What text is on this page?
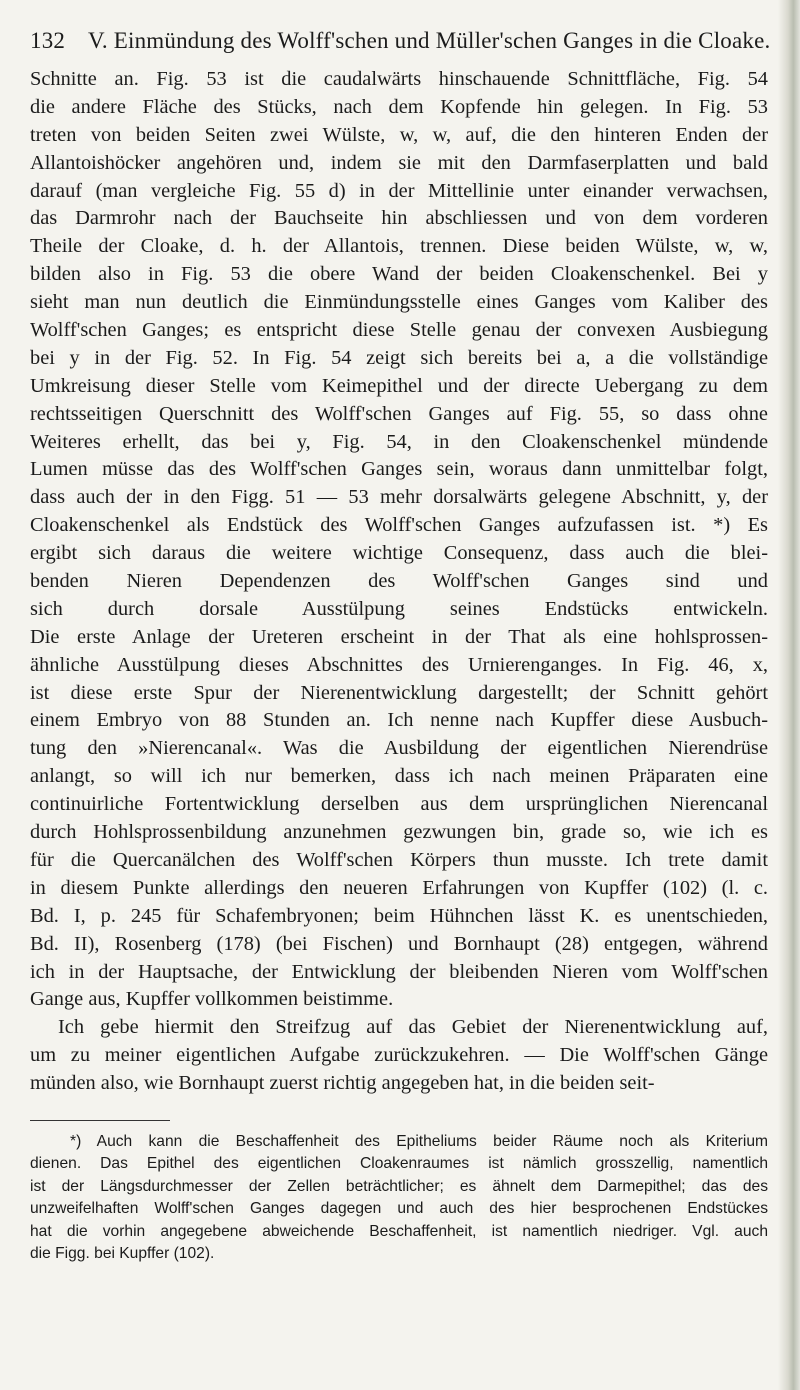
132 V. Einmündung des Wolff'schen und Müller'schen Ganges in die Cloake.
Schnitte an. Fig. 53 ist die caudalwärts hinschauende Schnittfläche, Fig. 54
die andere Fläche des Stücks, nach dem Kopfende hin gelegen. In Fig. 53
treten von beiden Seiten zwei Wülste, w, w, auf, die den hinteren Enden der
Allantoishöcker angehören und, indem sie mit den Darmfaserplatten und bald
darauf (man vergleiche Fig. 55 d) in der Mittellinie unter einander verwachsen,
das Darmrohr nach der Bauchseite hin abschliessen und von dem vorderen
Theile der Cloake, d. h. der Allantois, trennen. Diese beiden Wülste, w, w,
bilden also in Fig. 53 die obere Wand der beiden Cloakenschenkel. Bei y
sieht man nun deutlich die Einmündungsstelle eines Ganges vom Kaliber des
Wolff'schen Ganges; es entspricht diese Stelle genau der convexen Ausbiegung
bei y in der Fig. 52. In Fig. 54 zeigt sich bereits bei a, a die vollständige
Umkreisung dieser Stelle vom Keimepithel und der directe Uebergang zu dem
rechtsseitigen Querschnitt des Wolff'schen Ganges auf Fig. 55, so dass ohne
Weiteres erhellt, das bei y, Fig. 54, in den Cloakenschenkel mündende
Lumen müsse das des Wolff'schen Ganges sein, woraus dann unmittelbar folgt,
dass auch der in den Figg. 51 — 53 mehr dorsalwärts gelegene Abschnitt, y, der
Cloakenschenkel als Endstück des Wolff'schen Ganges aufzufassen ist. *) Es
ergibt sich daraus die weitere wichtige Consequenz, dass auch die blei-
benden Nieren Dependenzen des Wolff'schen Ganges sind und
sich durch dorsale Ausstülpung seines Endstücks entwickeln.
Die erste Anlage der Ureteren erscheint in der That als eine hohlsprossen-
ähnliche Ausstülpung dieses Abschnittes des Urnierenganges. In Fig. 46, x,
ist diese erste Spur der Nierenentwicklung dargestellt; der Schnitt gehört
einem Embryo von 88 Stunden an. Ich nenne nach Kupffer diese Ausbuch-
tung den »Nierencanal«. Was die Ausbildung der eigentlichen Nierendrüse
anlangt, so will ich nur bemerken, dass ich nach meinen Präparaten eine
continuirliche Fortentwicklung derselben aus dem ursprünglichen Nierencanal
durch Hohlsprossenbildung anzunehmen gezwungen bin, grade so, wie ich es
für die Quercanälchen des Wolff'schen Körpers thun musste. Ich trete damit
in diesem Punkte allerdings den neueren Erfahrungen von Kupffer (102) (l. c.
Bd. I, p. 245 für Schafembryonen; beim Hühnchen lässt K. es unentschieden,
Bd. II), Rosenberg (178) (bei Fischen) und Bornhaupt (28) entgegen, während
ich in der Hauptsache, der Entwicklung der bleibenden Nieren vom Wolff'schen
Gange aus, Kupffer vollkommen beistimme.
Ich gebe hiermit den Streifzug auf das Gebiet der Nierenentwicklung auf,
um zu meiner eigentlichen Aufgabe zurückzukehren. — Die Wolff'schen Gänge
münden also, wie Bornhaupt zuerst richtig angegeben hat, in die beiden seit-
*) Auch kann die Beschaffenheit des Epitheliums beider Räume noch als Kriterium
dienen. Das Epithel des eigentlichen Cloakenraumes ist nämlich grosszellig, namentlich
ist der Längsdurchmesser der Zellen beträchtlicher; es ähnelt dem Darmepithel; das des
unzweifelhaften Wolff'schen Ganges dagegen und auch des hier besprochenen Endstückes
hat die vorhin angegebene abweichende Beschaffenheit, ist namentlich niedriger. Vgl. auch
die Figg. bei Kupffer (102).
